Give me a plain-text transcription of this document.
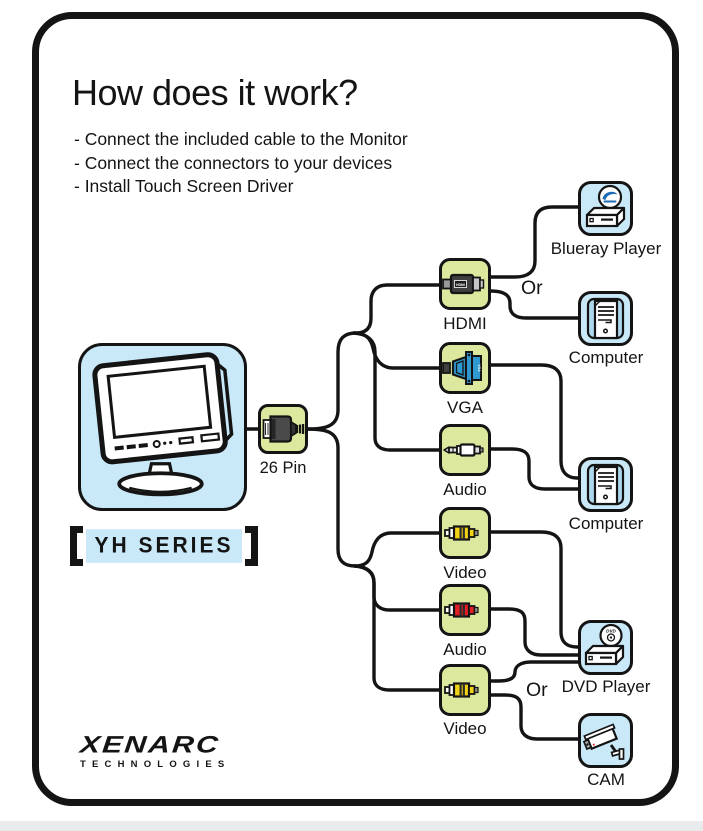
How does it work?
- Connect the included cable to the Monitor
- Connect the connectors to your devices
- Install Touch Screen Driver
YH SERIES
26 Pin
HDMI
HDMI
VGA
VGA
Audio
Video
Audio
Video
Blueray Player
Computer
Computer
DVD
DVD Player
CAM
Or
Or
XENARC
TECHNOLOGIES
